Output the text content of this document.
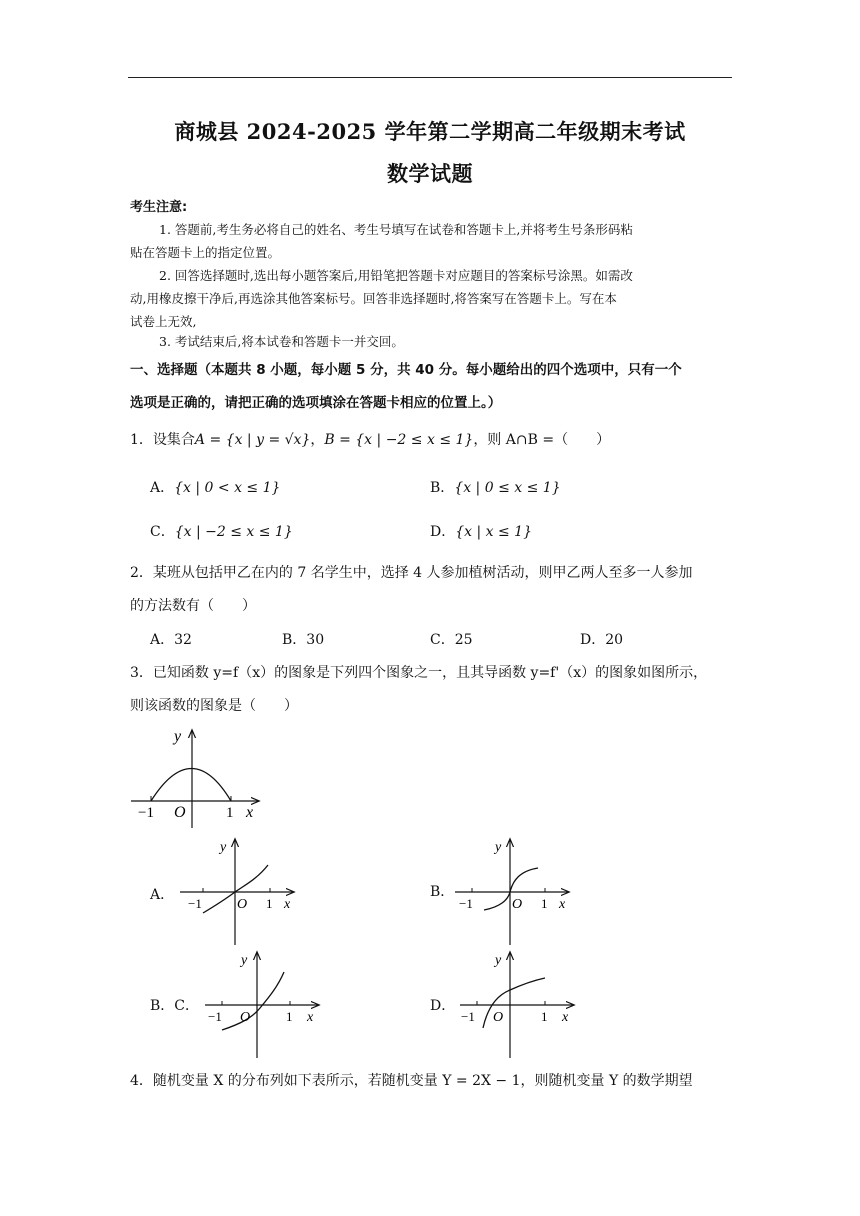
商城县 2024-2025 学年第二学期高二年级期末考试
数学试题
考生注意:
1. 答题前,考生务必将自己的姓名、考生号填写在试卷和答题卡上,并将考生号条形码粘
贴在答题卡上的指定位置。
2. 回答选择题时,选出每小题答案后,用铅笔把答题卡对应题目的答案标号涂黑。如需改
动,用橡皮擦干净后,再选涂其他答案标号。回答非选择题时,将答案写在答题卡上。写在本
试卷上无效,
3. 考试结束后,将本试卷和答题卡一并交回。
一、选择题（本题共 8 小题，每小题 5 分，共 40 分。每小题给出的四个选项中，只有一个
选项是正确的，请把正确的选项填涂在答题卡相应的位置上。）
1．设集合A = {x | y = √x}，B = {x | −2 ≤ x ≤ 1}，则 A∩B =（　　）
A．{x | 0 < x ≤ 1}	B．{x | 0 ≤ x ≤ 1}
C．{x | −2 ≤ x ≤ 1}	D．{x | x ≤ 1}
2．某班从包括甲乙在内的 7 名学生中，选择 4 人参加植树活动，则甲乙两人至多一人参加
的方法数有（　　）
A．32	B．30	C．25	D．20
3．已知函数 y=f（x）的图象是下列四个图象之一，且其导函数 y=f'（x）的图象如图所示，
则该函数的图象是（　　）
y
x
O
−1	1
A．
y
x
O
−1	1
B．
y
x
O
−1	1
B．C．
y
x
O
−1	1
D．
y
x
O
−1	1
4．随机变量 X 的分布列如下表所示，若随机变量 Y = 2X − 1，则随机变量 Y 的数学期望
